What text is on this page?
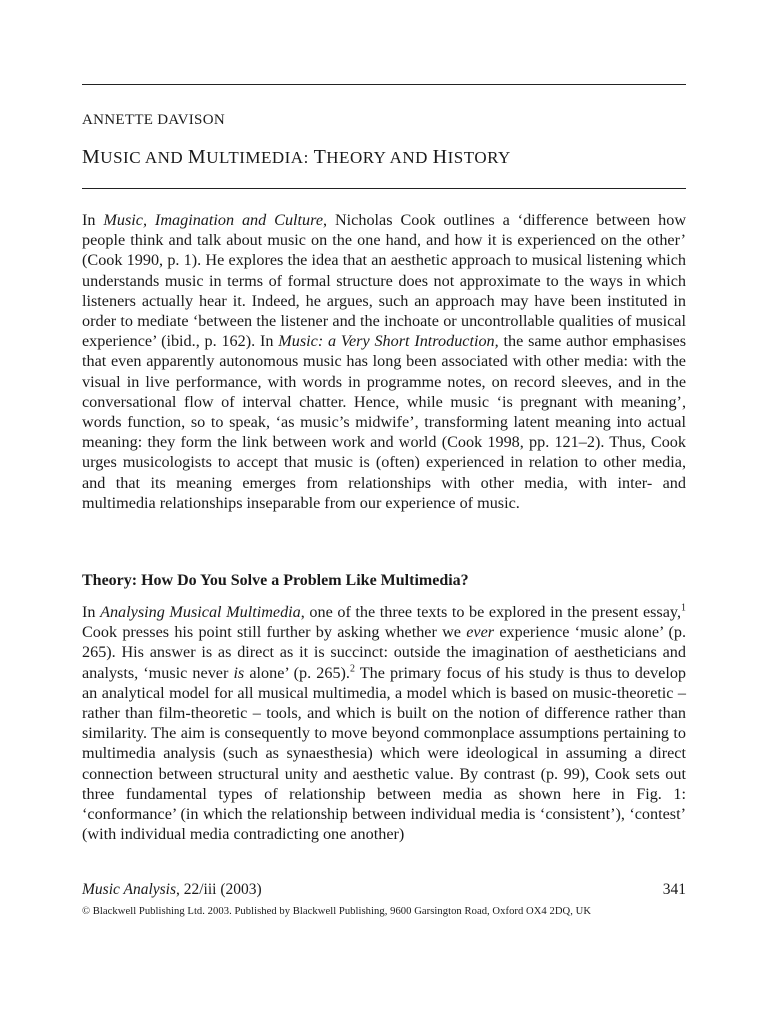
ANNETTE DAVISON
MUSIC AND MULTIMEDIA: THEORY AND HISTORY

In Music, Imagination and Culture, Nicholas Cook outlines a ‘difference between how people think and talk about music on the one hand, and how it is experienced on the other’ (Cook 1990, p. 1). He explores the idea that an aesthetic approach to musical listening which understands music in terms of formal structure does not approximate to the ways in which listeners actually hear it. Indeed, he argues, such an approach may have been instituted in order to mediate ‘between the listener and the inchoate or uncontrollable qualities of musical experience’ (ibid., p. 162). In Music: a Very Short Introduction, the same author emphasises that even apparently autonomous music has long been associated with other media: with the visual in live performance, with words in programme notes, on record sleeves, and in the conversational flow of interval chatter. Hence, while music ‘is pregnant with meaning’, words function, so to speak, ‘as music’s midwife’, transforming latent meaning into actual meaning: they form the link between work and world (Cook 1998, pp. 121–2). Thus, Cook urges musicologists to accept that music is (often) experienced in relation to other media, and that its meaning emerges from relationships with other media, with inter- and multimedia relationships inseparable from our experience of music.

Theory: How Do You Solve a Problem Like Multimedia?

In Analysing Musical Multimedia, one of the three texts to be explored in the present essay,$^1$ Cook presses his point still further by asking whether we ever experience ‘music alone’ (p. 265). His answer is as direct as it is succinct: outside the imagination of aestheticians and analysts, ‘music never is alone’ (p. 265).$^2$ The primary focus of his study is thus to develop an analytical model for all musical multimedia, a model which is based on music-theoretic – rather than film-theoretic – tools, and which is built on the notion of difference rather than similarity. The aim is consequently to move beyond commonplace assumptions pertaining to multimedia analysis (such as synaesthesia) which were ideological in assuming a direct connection between structural unity and aesthetic value. By contrast (p. 99), Cook sets out three fundamental types of relationship between media as shown here in Fig. 1: ‘conformance’ (in which the relationship between individual media is ‘consistent’), ‘contest’ (with individual media contradicting one another)

Music Analysis, 22/iii (2003)	341
© Blackwell Publishing Ltd. 2003. Published by Blackwell Publishing, 9600 Garsington Road, Oxford OX4 2DQ, UK
